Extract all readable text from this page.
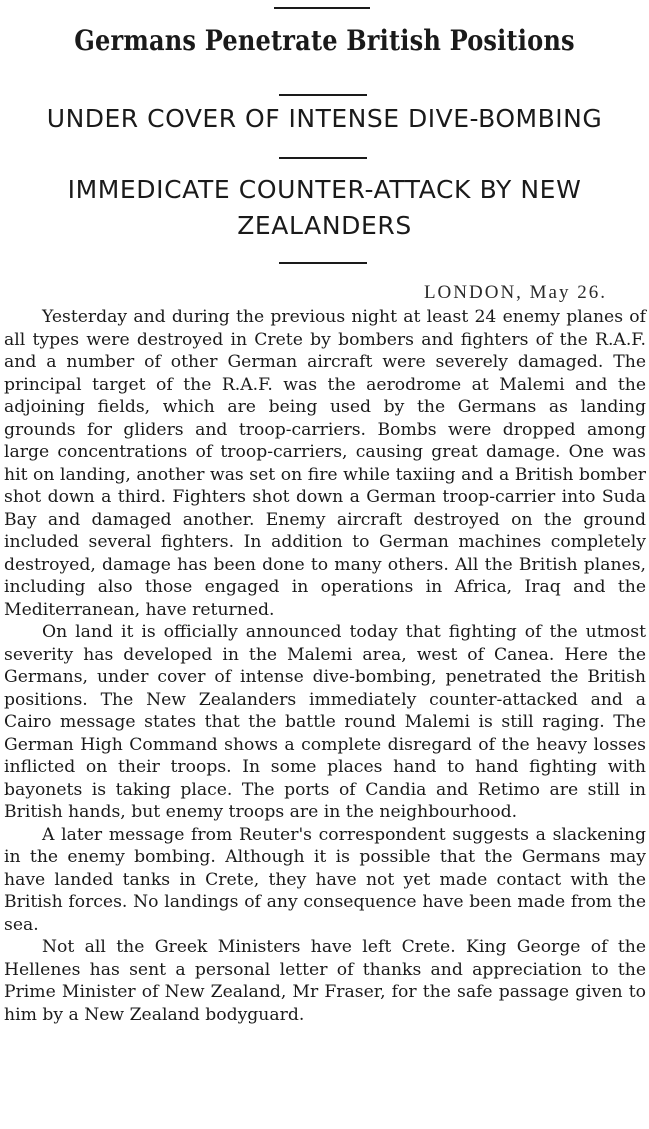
Germans Penetrate British Positions
UNDER COVER OF INTENSE DIVE-BOMBING
IMMEDICATE COUNTER-ATTACK BY NEW ZEALANDERS
LONDON, May 26.

Yesterday and during the previous night at least 24 enemy planes of all types were destroyed in Crete by bombers and fighters of the R.A.F. and a number of other German aircraft were severely damaged. The principal target of the R.A.F. was the aerodrome at Malemi and the adjoining fields, which are being used by the Germans as landing grounds for gliders and troop-carriers. Bombs were dropped among large concentrations of troop-carriers, causing great damage. One was hit on landing, another was set on fire while taxiing and a British bomber shot down a third. Fighters shot down a German troop-carrier into Suda Bay and damaged another. Enemy aircraft destroyed on the ground included several fighters. In addition to German machines completely destroyed, damage has been done to many others. All the British planes, including also those engaged in operations in Africa, Iraq and the Mediterranean, have returned.

On land it is officially announced today that fighting of the utmost severity has developed in the Malemi area, west of Canea. Here the Germans, under cover of intense dive-bombing, penetrated the British positions. The New Zealanders immediately counter-attacked and a Cairo message states that the battle round Malemi is still raging. The German High Command shows a complete disregard of the heavy losses inflicted on their troops. In some places hand to hand fighting with bayonets is taking place. The ports of Candia and Retimo are still in British hands, but enemy troops are in the neighbourhood.

A later message from Reuter's correspondent suggests a slackening in the enemy bombing. Although it is possible that the Germans may have landed tanks in Crete, they have not yet made contact with the British forces. No landings of any consequence have been made from the sea.

Not all the Greek Ministers have left Crete. King George of the Hellenes has sent a personal letter of thanks and appreciation to the Prime Minister of New Zealand, Mr Fraser, for the safe passage given to him by a New Zealand bodyguard.
